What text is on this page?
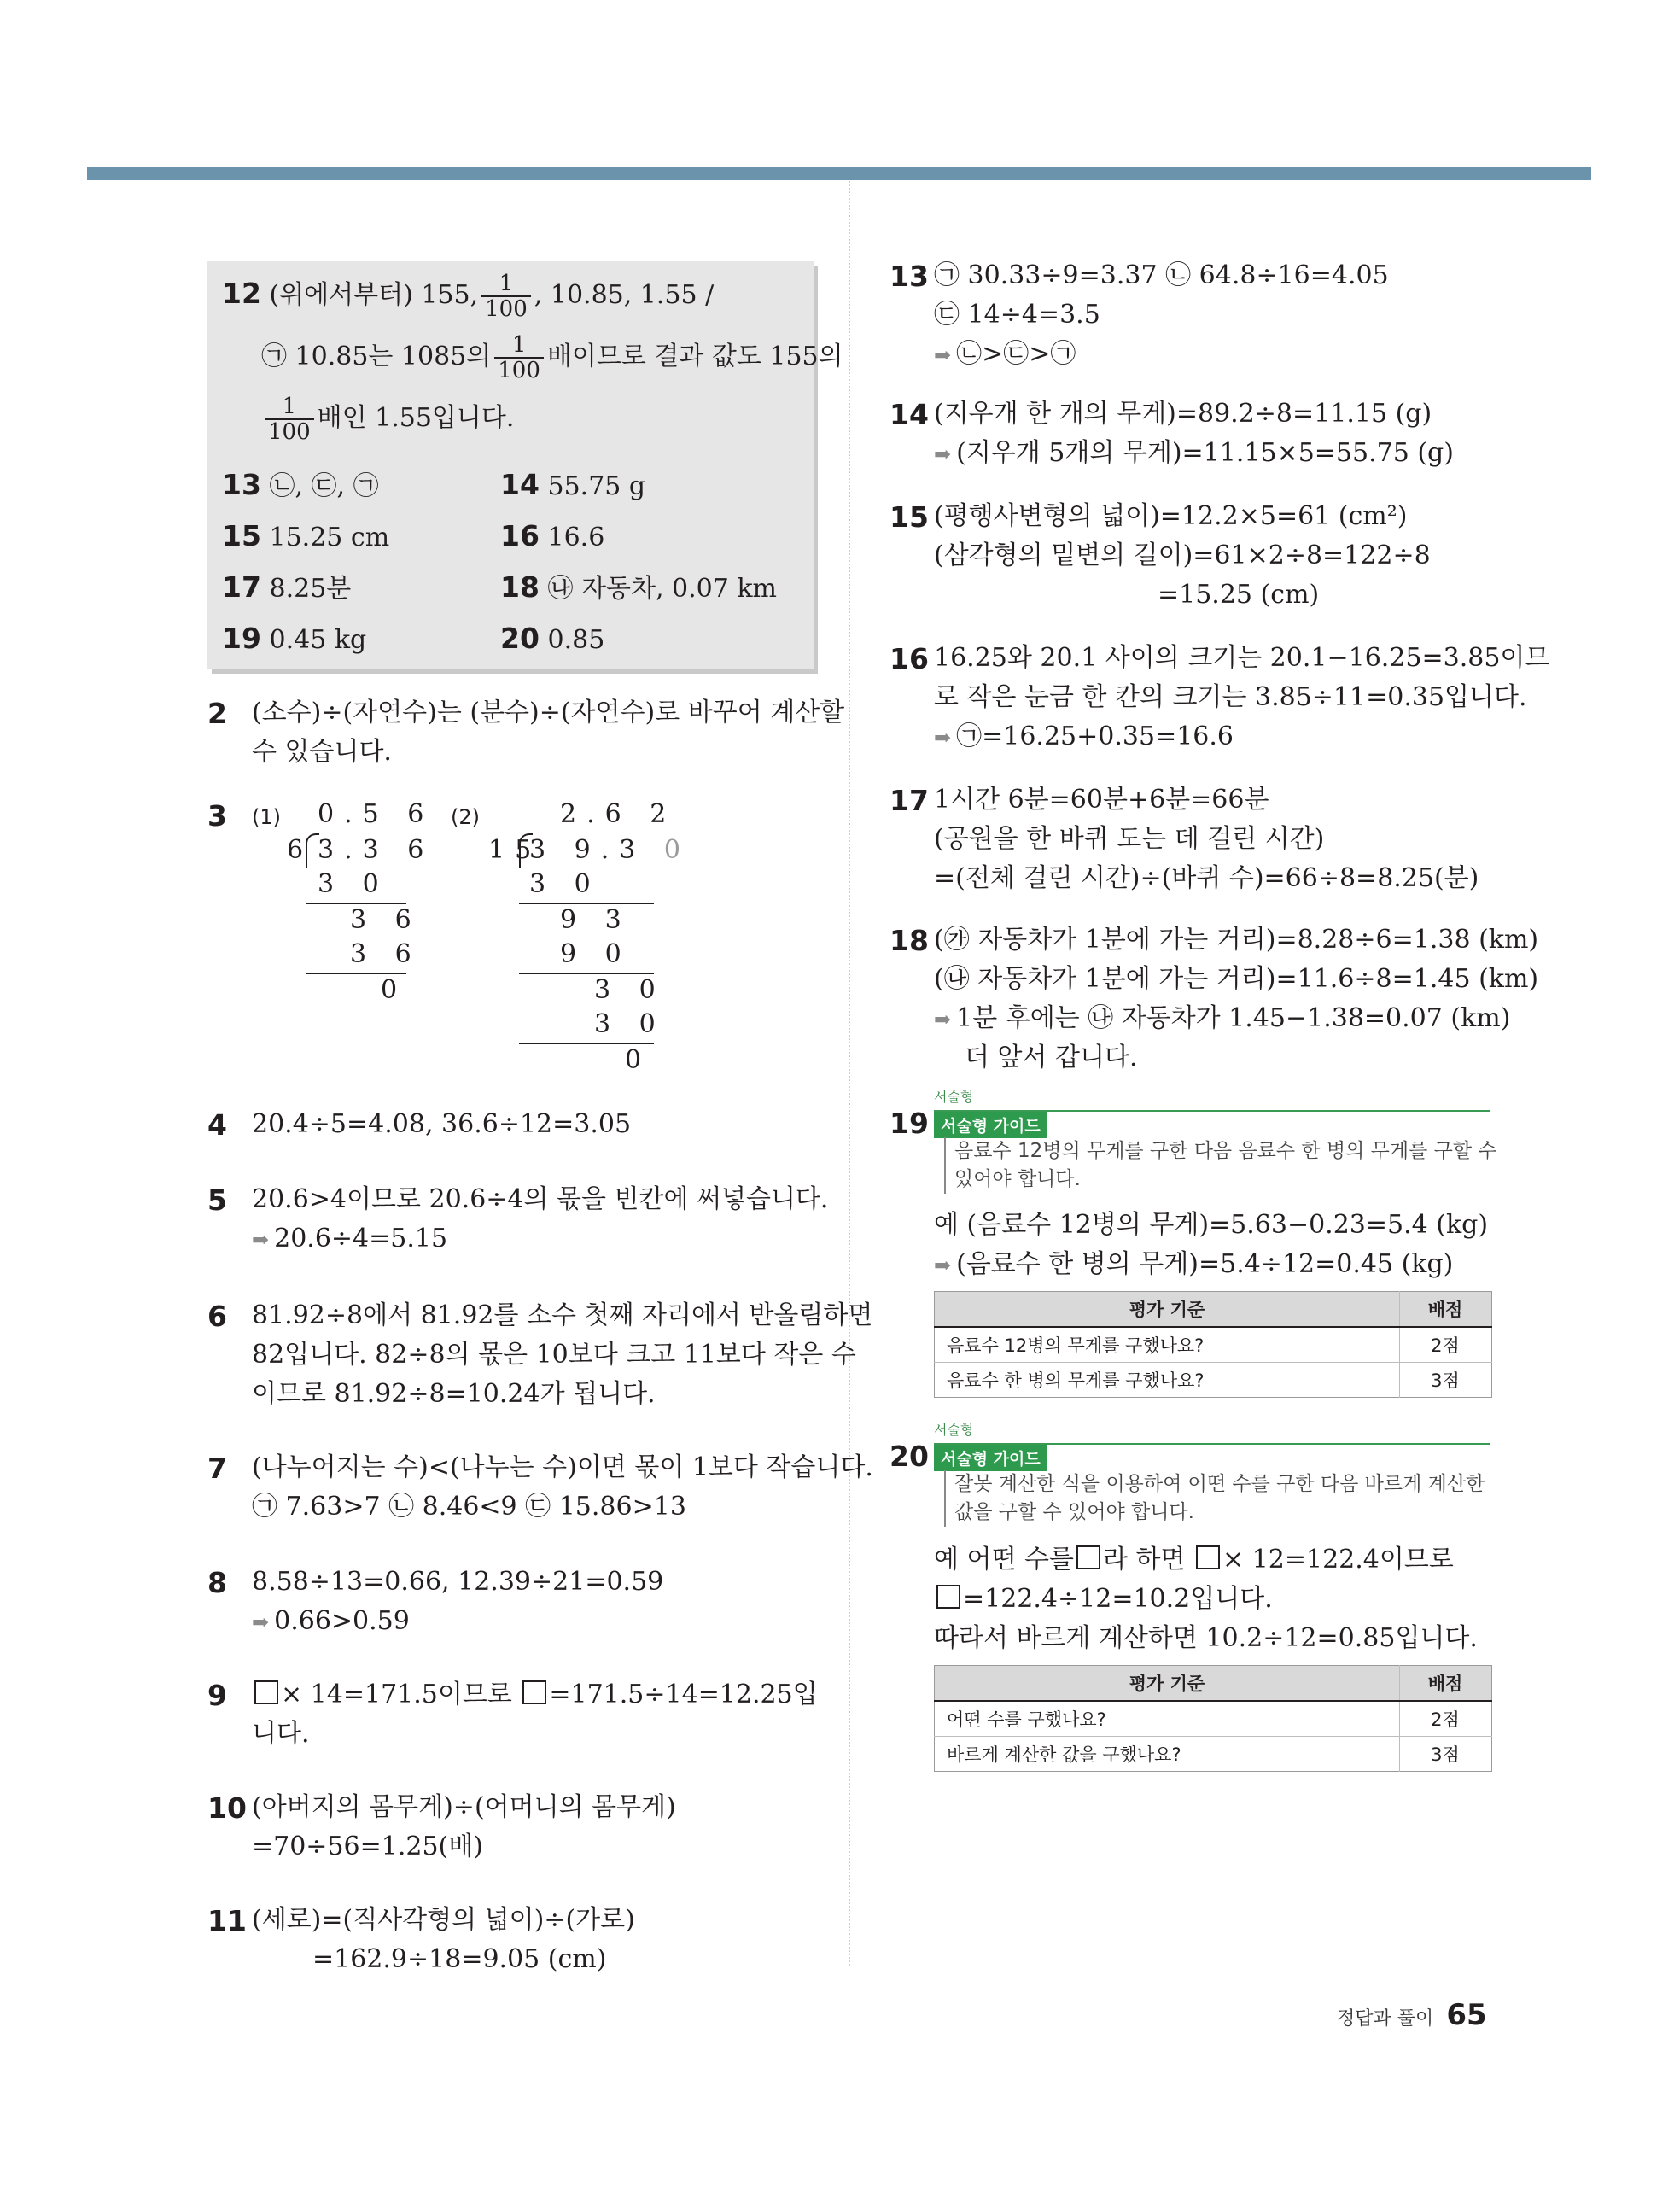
12 (위에서부터) 155, $\frac{1}{100}$ , 10.85, 1.55 /
㉠ 10.85는 1085의 $\frac{1}{100}$ 배이므로 결과 값도 155의
$\frac{1}{100}$ 배인 1.55입니다.
13 ㉡, ㉢, ㉠	14 55.75 g
15 15.25 cm	16 16.6
17 8.25분	18 ㉯ 자동차, 0.07 km
19 0.45 kg	20 0.85
2 (소수)÷(자연수)는 (분수)÷(자연수)로 바꾸어 계산할
수 있습니다.
3 (1)	(2)
0.5 6
6 3.3 6
3 0
3 6
3 6
0
2.6 2
15
3 9.3 0
3 0
9 3
9 0
3 0
3 0
0
4 20.4÷5=4.08, 36.6÷12=3.05
5 20.6>4이므로 20.6÷4의 몫을 빈칸에 써넣습니다.
➡ 20.6÷4=5.15
6 81.92÷8에서 81.92를 소수 첫째 자리에서 반올림하면
82입니다. 82÷8의 몫은 10보다 크고 11보다 작은 수
이므로 81.92÷8=10.24가 됩니다.
7 (나누어지는 수)<(나누는 수)이면 몫이 1보다 작습니다.
㉠ 7.63>7 ㉡ 8.46<9 ㉢ 15.86>13
8 8.58÷13=0.66, 12.39÷21=0.59
➡ 0.66>0.59
9	× 14=171.5이므로 =171.5÷14=12.25입
니다.
10 (아버지의 몸무게)÷(어머니의 몸무게)
=70÷56=1.25(배)
11 (세로)=(직사각형의 넓이)÷(가로)
=162.9÷18=9.05 (cm)
13 ㉠ 30.33÷9=3.37 ㉡ 64.8÷16=4.05
㉢ 14÷4=3.5
➡ ㉡>㉢>㉠
14 (지우개 한 개의 무게)=89.2÷8=11.15 (g)
➡ (지우개 5개의 무게)=11.15×5=55.75 (g)
15 (평행사변형의 넓이)=12.2×5=61 (cm²)
(삼각형의 밑변의 길이)=61×2÷8=122÷8
=15.25 (cm)
16 16.25와 20.1 사이의 크기는 20.1−16.25=3.85이므
로 작은 눈금 한 칸의 크기는 3.85÷11=0.35입니다.
➡ ㉠=16.25+0.35=16.6
17 1시간 6분=60분+6분=66분
(공원을 한 바퀴 도는 데 걸린 시간)
=(전체 걸린 시간)÷(바퀴 수)=66÷8=8.25(분)
18 (㉮ 자동차가 1분에 가는 거리)=8.28÷6=1.38 (km)
(㉯ 자동차가 1분에 가는 거리)=11.6÷8=1.45 (km)
➡ 1분 후에는 ㉯ 자동차가 1.45−1.38=0.07 (km)
더 앞서 갑니다.
서술형
19 서술형 가이드
음료수 12병의 무게를 구한 다음 음료수 한 병의 무게를 구할 수 있어야 합니다.
예 (음료수 12병의 무게)=5.63−0.23=5.4 (kg)
➡ (음료수 한 병의 무게)=5.4÷12=0.45 (kg)
평가 기준	배점
음료수 12병의 무게를 구했나요?	2점
음료수 한 병의 무게를 구했나요?	3점
서술형
20 서술형 가이드
잘못 계산한 식을 이용하여 어떤 수를 구한 다음 바르게 계산한 값을 구할 수 있어야 합니다.
예 어떤 수를 라 하면 × 12=122.4이므로
=122.4÷12=10.2입니다.
따라서 바르게 계산하면 10.2÷12=0.85입니다.
평가 기준	배점
어떤 수를 구했나요?	2점
바르게 계산한 값을 구했나요?	3점
정답과 풀이 65
